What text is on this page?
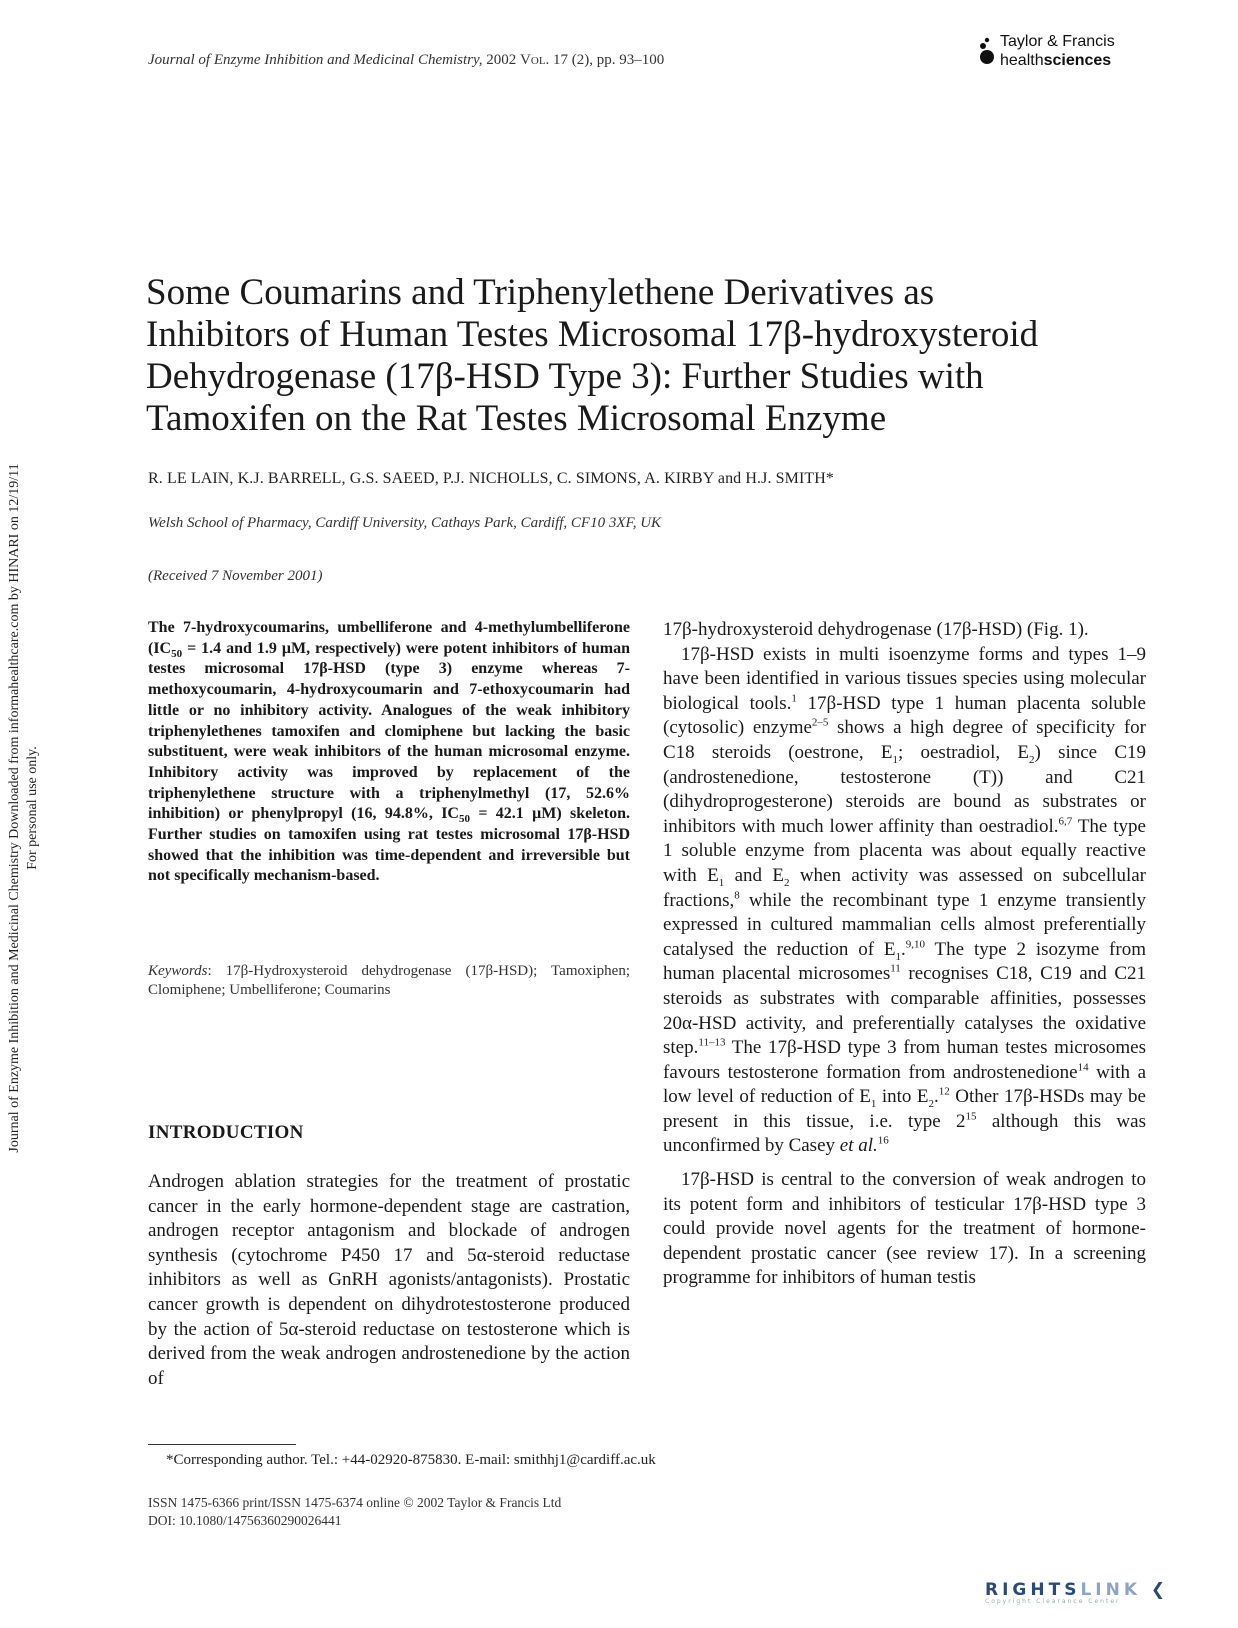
Journal of Enzyme Inhibition and Medicinal Chemistry, 2002 Vol. 17 (2), pp. 93–100
Taylor & Francis
healthsciences
Journal of Enzyme Inhibition and Medicinal Chemistry Downloaded from informahealthcare.com by HINARI on 12/19/11 For personal use only.
Some Coumarins and Triphenylethene Derivatives as
Inhibitors of Human Testes Microsomal 17β-hydroxysteroid
Dehydrogenase (17β-HSD Type 3): Further Studies with
Tamoxifen on the Rat Testes Microsomal Enzyme
R. LE LAIN, K.J. BARRELL, G.S. SAEED, P.J. NICHOLLS, C. SIMONS, A. KIRBY and H.J. SMITH*
Welsh School of Pharmacy, Cardiff University, Cathays Park, Cardiff, CF10 3XF, UK
(Received 7 November 2001)
The 7-hydroxycoumarins, umbelliferone and 4-methylumbelliferone ($IC_{50} = 1.4$ and 1.9 μM, respectively) were potent inhibitors of human testes microsomal 17β-HSD (type 3) enzyme whereas 7-methoxycoumarin, 4-hydroxycoumarin and 7-ethoxycoumarin had little or no inhibitory activity. Analogues of the weak inhibitory triphenylethenes tamoxifen and clomiphene but lacking the basic substituent, were weak inhibitors of the human microsomal enzyme. Inhibitory activity was improved by replacement of the triphenylethene structure with a triphenylmethyl (17, 52.6% inhibition) or phenylpropyl (16, 94.8%, $IC_{50} = 42.1$ μM) skeleton. Further studies on tamoxifen using rat testes microsomal 17β-HSD showed that the inhibition was time-dependent and irreversible but not specifically mechanism-based.
Keywords: 17β-Hydroxysteroid dehydrogenase (17β-HSD); Tamoxiphen; Clomiphene; Umbelliferone; Coumarins
INTRODUCTION
Androgen ablation strategies for the treatment of prostatic cancer in the early hormone-dependent stage are castration, androgen receptor antagonism and blockade of androgen synthesis (cytochrome P450 17 and 5α-steroid reductase inhibitors as well as GnRH agonists/antagonists). Prostatic cancer growth is dependent on dihydrotestosterone produced by the action of 5α-steroid reductase on testosterone which is derived from the weak androgen androstenedione by the action of

17β-hydroxysteroid dehydrogenase (17β-HSD) (Fig. 1).

17β-HSD exists in multi isoenzyme forms and types 1–9 have been identified in various tissues species using molecular biological tools.$^1$ 17β-HSD type 1 human placenta soluble (cytosolic) enzyme$^{2-5}$ shows a high degree of specificity for C18 steroids (oestrone, $E_1$; oestradiol, $E_2$) since C19 (androstenedione, testosterone (T)) and C21 (dihydroprogesterone) steroids are bound as substrates or inhibitors with much lower affinity than oestradiol.$^{6,7}$ The type 1 soluble enzyme from placenta was about equally reactive with $E_1$ and $E_2$ when activity was assessed on subcellular fractions,$^8$ while the recombinant type 1 enzyme transiently expressed in cultured mammalian cells almost preferentially catalysed the reduction of $E_1.^{9,10}$ The type 2 isozyme from human placental microsomes$^{11}$ recognises C18, C19 and C21 steroids as substrates with comparable affinities, possesses 20α-HSD activity, and preferentially catalyses the oxidative step.$^{11-13}$ The 17β-HSD type 3 from human testes microsomes favours testosterone formation from androstenedione$^{14}$ with a low level of reduction of $E_1$ into $E_2.^{12}$ Other 17β-HSDs may be present in this tissue, i.e. type $2^{15}$ although this was unconfirmed by Casey et al.$^{16}$

17β-HSD is central to the conversion of weak androgen to its potent form and inhibitors of testicular 17β-HSD type 3 could provide novel agents for the treatment of hormone-dependent prostatic cancer (see review 17). In a screening programme for inhibitors of human testis

*Corresponding author. Tel.: +44-02920-875830. E-mail: smithhj1@cardiff.ac.uk
ISSN 1475-6366 print/ISSN 1475-6374 online © 2002 Taylor & Francis Ltd
DOI: 10.1080/14756360290026441
RIGHTSLINK ❮
Copyright Clearance Center
